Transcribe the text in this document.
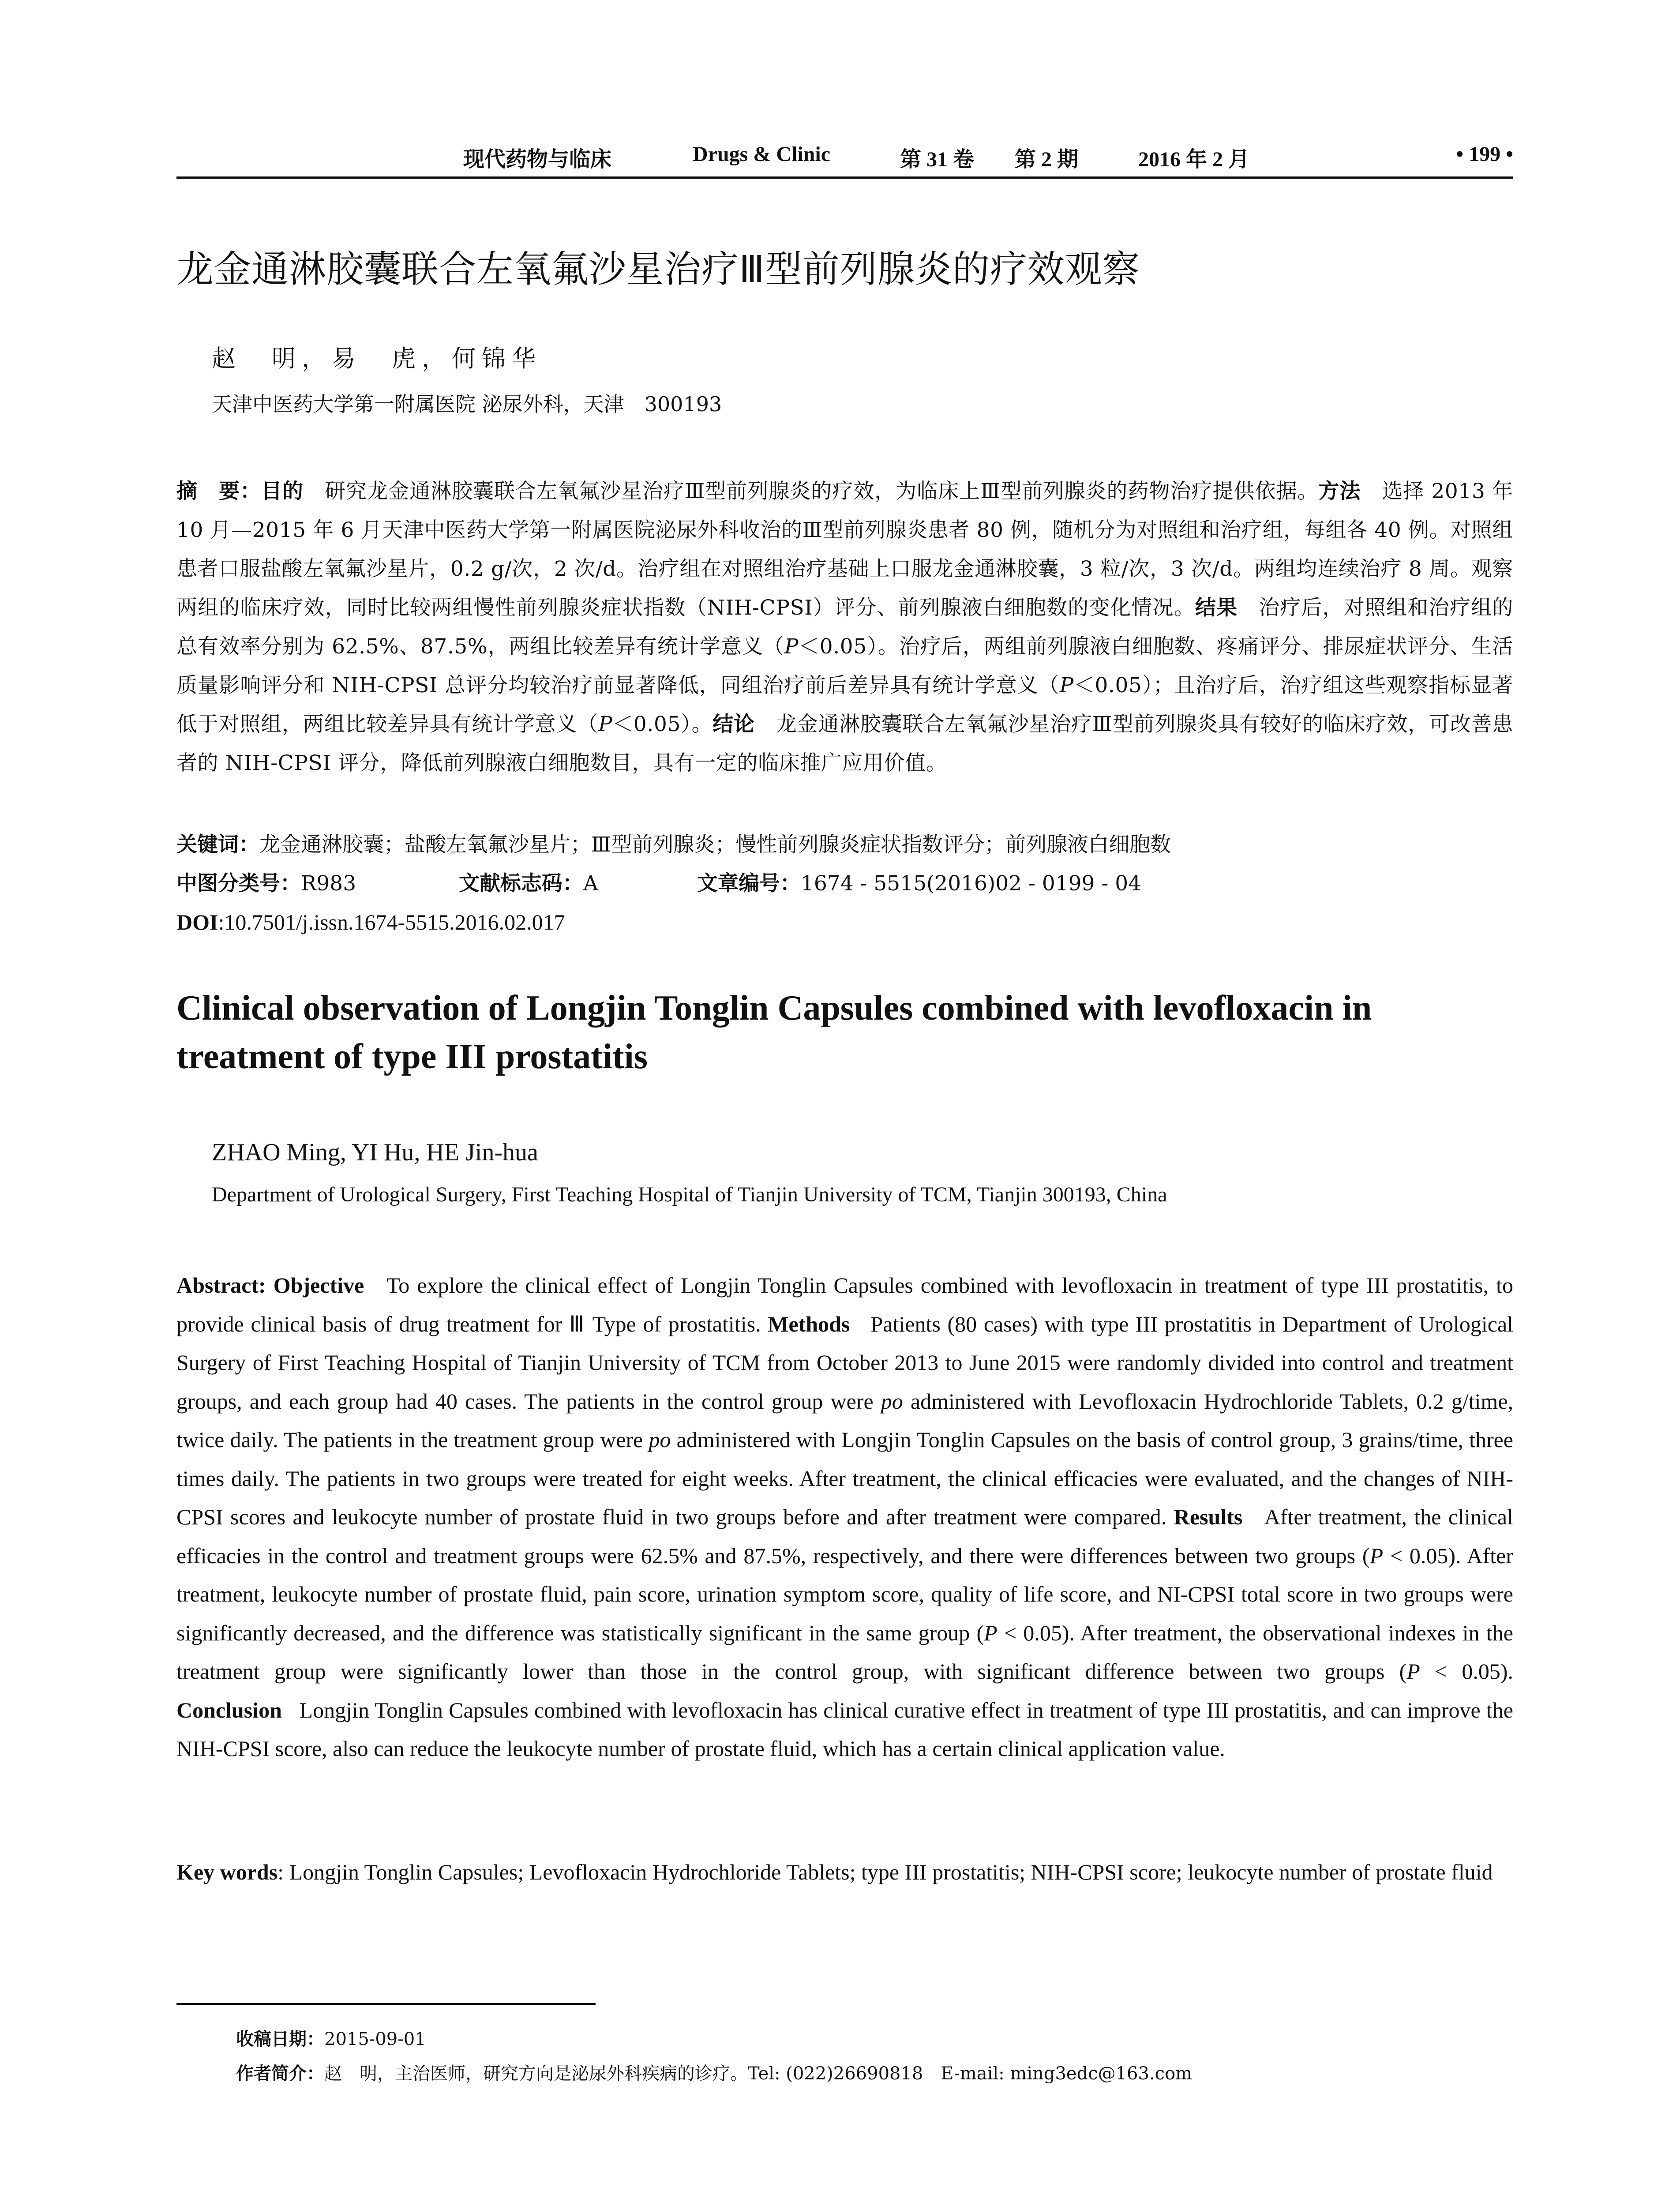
现代药物与临床	Drugs & Clinic	第 31 卷 第 2 期	2016 年 2 月	• 199 •
龙金通淋胶囊联合左氧氟沙星治疗Ⅲ型前列腺炎的疗效观察
赵　明，易　虎，何锦华
天津中医药大学第一附属医院 泌尿外科，天津　300193
摘　要：目的　 研究龙金通淋胶囊联合左氧氟沙星治疗Ⅲ型前列腺炎的疗效，为临床上Ⅲ型前列腺炎的药物治疗提供依据。方法　 选择 2013 年 10 月—2015 年 6 月天津中医药大学第一附属医院泌尿外科收治的Ⅲ型前列腺炎患者 80 例，随机分为对照组和治疗组，每组各 40 例。对照组患者口服盐酸左氧氟沙星片，0.2 g/次，2 次/d。治疗组在对照组治疗基础上口服龙金通淋胶囊，3 粒/次，3 次/d。两组均连续治疗 8 周。观察两组的临床疗效，同时比较两组慢性前列腺炎症状指数（NIH-CPSI）评分、前列腺液白细胞数的变化情况。结果　 治疗后，对照组和治疗组的总有效率分别为 62.5%、87.5%，两组比较差异有统计学意义（P＜0.05）。治疗后，两组前列腺液白细胞数、疼痛评分、排尿症状评分、生活质量影响评分和 NIH-CPSI 总评分均较治疗前显著降低，同组治疗前后差异具有统计学意义（P＜0.05）；且治疗后，治疗组这些观察指标显著低于对照组，两组比较差异具有统计学意义（P＜0.05）。结论　 龙金通淋胶囊联合左氧氟沙星治疗Ⅲ型前列腺炎具有较好的临床疗效，可改善患者的 NIH-CPSI 评分，降低前列腺液白细胞数目，具有一定的临床推广应用价值。
关键词：龙金通淋胶囊；盐酸左氧氟沙星片；Ⅲ型前列腺炎；慢性前列腺炎症状指数评分；前列腺液白细胞数
中图分类号：R983	文献标志码：A	文章编号：1674 - 5515(2016)02 - 0199 - 04
DOI:10.7501/j.issn.1674-5515.2016.02.017
Clinical observation of Longjin Tonglin Capsules combined with levofloxacin in treatment of type III prostatitis
ZHAO Ming, YI Hu, HE Jin-hua
Department of Urological Surgery, First Teaching Hospital of Tianjin University of TCM, Tianjin 300193, China
Abstract: Objective To explore the clinical effect of Longjin Tonglin Capsules combined with levofloxacin in treatment of type III prostatitis, to provide clinical basis of drug treatment for Ⅲ Type of prostatitis. Methods Patients (80 cases) with type III prostatitis in Department of Urological Surgery of First Teaching Hospital of Tianjin University of TCM from October 2013 to June 2015 were randomly divided into control and treatment groups, and each group had 40 cases. The patients in the control group were po administered with Levofloxacin Hydrochloride Tablets, 0.2 g/time, twice daily. The patients in the treatment group were po administered with Longjin Tonglin Capsules on the basis of control group, 3 grains/time, three times daily. The patients in two groups were treated for eight weeks. After treatment, the clinical efficacies were evaluated, and the changes of NIH-CPSI scores and leukocyte number of prostate fluid in two groups before and after treatment were compared. Results After treatment, the clinical efficacies in the control and treatment groups were 62.5% and 87.5%, respectively, and there were differences between two groups (P < 0.05). After treatment, leukocyte number of prostate fluid, pain score, urination symptom score, quality of life score, and NI-CPSI total score in two groups were significantly decreased, and the difference was statistically significant in the same group (P < 0.05). After treatment, the observational indexes in the treatment group were significantly lower than those in the control group, with significant difference between two groups (P < 0.05). Conclusion Longjin Tonglin Capsules combined with levofloxacin has clinical curative effect in treatment of type III prostatitis, and can improve the NIH-CPSI score, also can reduce the leukocyte number of prostate fluid, which has a certain clinical application value.
Key words: Longjin Tonglin Capsules; Levofloxacin Hydrochloride Tablets; type III prostatitis; NIH-CPSI score; leukocyte number of prostate fluid
收稿日期：2015-09-01
作者简介：赵　明，主治医师，研究方向是泌尿外科疾病的诊疗。Tel: (022)26690818　E-mail: ming3edc@163.com
